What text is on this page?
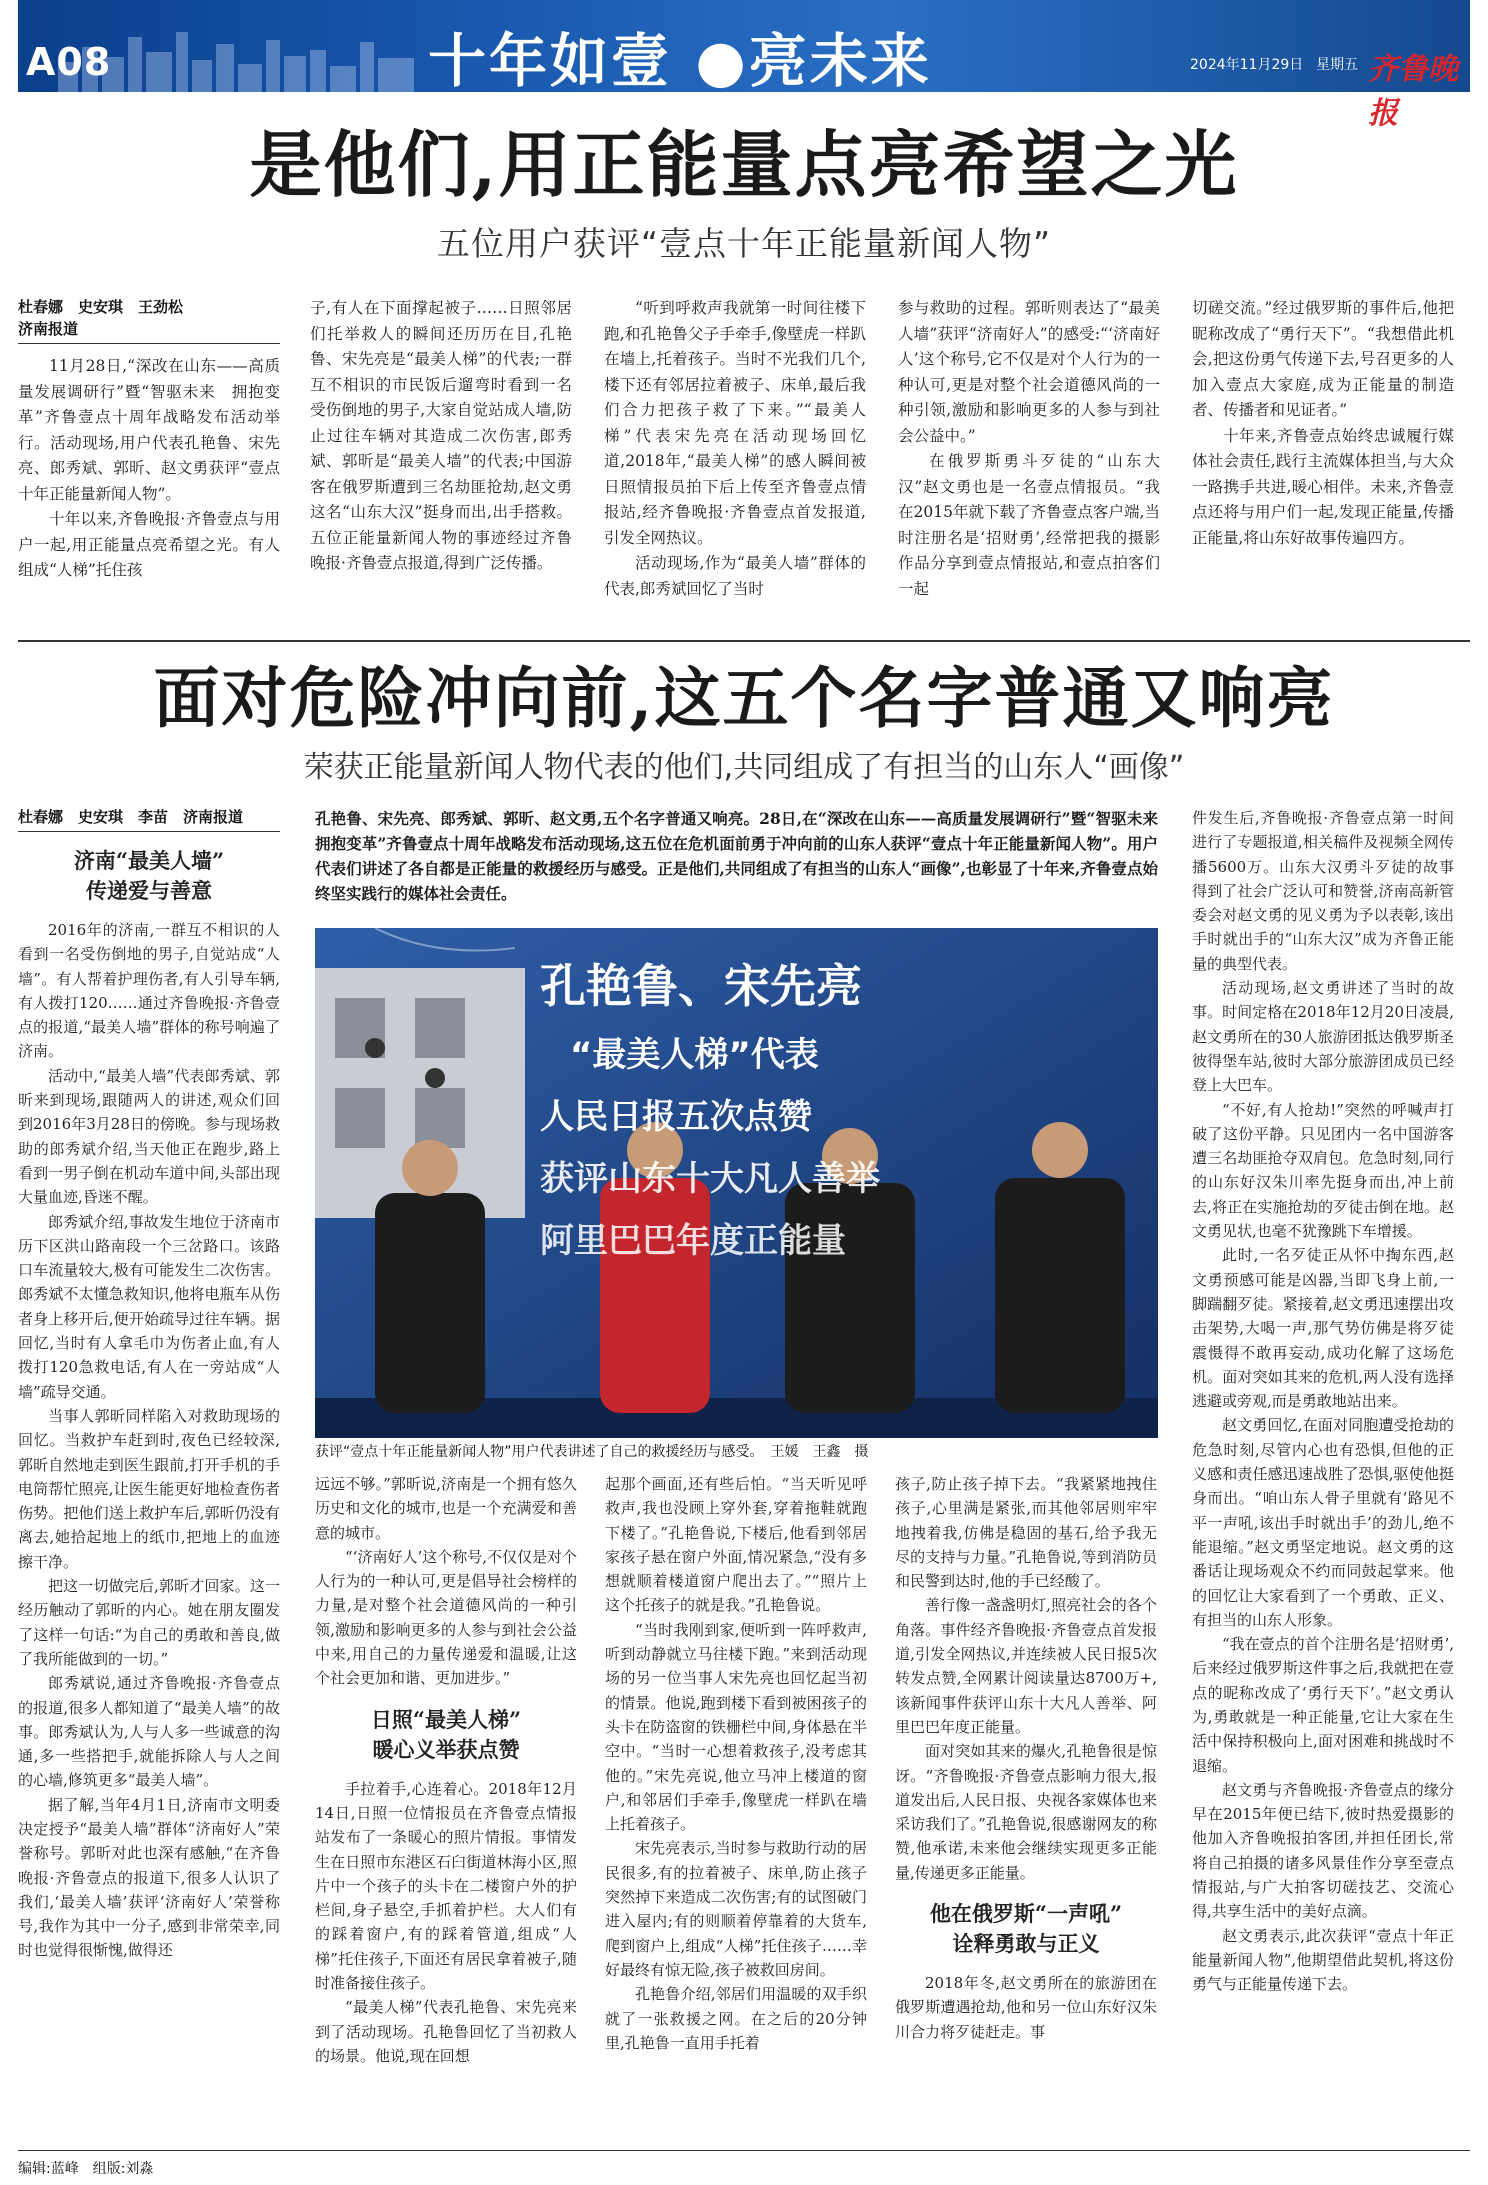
A08	十年如壹 ●亮未来	2024年11月29日 星期五 齐鲁晚报
是他们,用正能量点亮希望之光
五位用户获评“壹点十年正能量新闻人物”
杜春娜　史安琪　王劲松
济南报道

11月28日,“深改在山东——高质量发展调研行”暨“智驱未来　拥抱变革”齐鲁壹点十周年战略发布活动举行。活动现场,用户代表孔艳鲁、宋先亮、郎秀斌、郭昕、赵文勇获评“壹点十年正能量新闻人物”。

十年以来,齐鲁晚报·齐鲁壹点与用户一起,用正能量点亮希望之光。有人组成“人梯”托住孩

子,有人在下面撑起被子……日照邻居们托举救人的瞬间还历历在目,孔艳鲁、宋先亮是“最美人梯”的代表;一群互不相识的市民饭后遛弯时看到一名受伤倒地的男子,大家自觉站成人墙,防止过往车辆对其造成二次伤害,郎秀斌、郭昕是“最美人墙”的代表;中国游客在俄罗斯遭到三名劫匪抢劫,赵文勇这名“山东大汉”挺身而出,出手搭救。五位正能量新闻人物的事迹经过齐鲁晚报·齐鲁壹点报道,得到广泛传播。

“听到呼救声我就第一时间往楼下跑,和孔艳鲁父子手牵手,像壁虎一样趴在墙上,托着孩子。当时不光我们几个,楼下还有邻居拉着被子、床单,最后我们合力把孩子救了下来。”“最美人梯”代表宋先亮在活动现场回忆道,2018年,“最美人梯”的感人瞬间被日照情报员拍下后上传至齐鲁壹点情报站,经齐鲁晚报·齐鲁壹点首发报道,引发全网热议。

活动现场,作为“最美人墙”群体的代表,郎秀斌回忆了当时

参与救助的过程。郭昕则表达了“最美人墙”获评“济南好人”的感受:“‘济南好人’这个称号,它不仅是对个人行为的一种认可,更是对整个社会道德风尚的一种引领,激励和影响更多的人参与到社会公益中。”

在俄罗斯勇斗歹徒的“山东大汉”赵文勇也是一名壹点情报员。“我在2015年就下载了齐鲁壹点客户端,当时注册名是‘招财勇’,经常把我的摄影作品分享到壹点情报站,和壹点拍客们一起

切磋交流。”经过俄罗斯的事件后,他把昵称改成了“勇行天下”。“我想借此机会,把这份勇气传递下去,号召更多的人加入壹点大家庭,成为正能量的制造者、传播者和见证者。”

十年来,齐鲁壹点始终忠诚履行媒体社会责任,践行主流媒体担当,与大众一路携手共进,暖心相伴。未来,齐鲁壹点还将与用户们一起,发现正能量,传播正能量,将山东好故事传遍四方。

面对危险冲向前,这五个名字普通又响亮
荣获正能量新闻人物代表的他们,共同组成了有担当的山东人“画像”
杜春娜　史安琪　李苗　济南报道
济南“最美人墙”
传递爱与善意

2016年的济南,一群互不相识的人看到一名受伤倒地的男子,自觉站成“人墙”。有人帮着护理伤者,有人引导车辆,有人拨打120……通过齐鲁晚报·齐鲁壹点的报道,“最美人墙”群体的称号响遍了济南。

活动中,“最美人墙”代表郎秀斌、郭昕来到现场,跟随两人的讲述,观众们回到2016年3月28日的傍晚。参与现场救助的郎秀斌介绍,当天他正在跑步,路上看到一男子倒在机动车道中间,头部出现大量血迹,昏迷不醒。

郎秀斌介绍,事故发生地位于济南市历下区洪山路南段一个三岔路口。该路口车流量较大,极有可能发生二次伤害。郎秀斌不太懂急救知识,他将电瓶车从伤者身上移开后,便开始疏导过往车辆。据回忆,当时有人拿毛巾为伤者止血,有人拨打120急救电话,有人在一旁站成“人墙”疏导交通。

当事人郭昕同样陷入对救助现场的回忆。当救护车赶到时,夜色已经较深,郭昕自然地走到医生跟前,打开手机的手电筒帮忙照亮,让医生能更好地检查伤者伤势。把他们送上救护车后,郭昕仍没有离去,她拾起地上的纸巾,把地上的血迹擦干净。

把这一切做完后,郭昕才回家。这一经历触动了郭昕的内心。她在朋友圈发了这样一句话:“为自己的勇敢和善良,做了我所能做到的一切。”

郎秀斌说,通过齐鲁晚报·齐鲁壹点的报道,很多人都知道了“最美人墙”的故事。郎秀斌认为,人与人多一些诚意的沟通,多一些搭把手,就能拆除人与人之间的心墙,修筑更多“最美人墙”。

据了解,当年4月1日,济南市文明委决定授予“最美人墙”群体“济南好人”荣誉称号。郭昕对此也深有感触,“在齐鲁晚报·齐鲁壹点的报道下,很多人认识了我们,‘最美人墙’获评‘济南好人’荣誉称号,我作为其中一分子,感到非常荣幸,同时也觉得很惭愧,做得还

孔艳鲁、宋先亮、郎秀斌、郭昕、赵文勇,五个名字普通又响亮。28日,在“深改在山东——高质量发展调研行”暨“智驱未来　拥抱变革”齐鲁壹点十周年战略发布活动现场,这五位在危机面前勇于冲向前的山东人获评“壹点十年正能量新闻人物”。用户代表们讲述了各自都是正能量的救援经历与感受。正是他们,共同组成了有担当的山东人“画像”,也彰显了十年来,齐鲁壹点始终坚实践行的媒体社会责任。
孔艳鲁、宋先亮
“最美人梯”代表
人民日报五次点赞
获评山东十大凡人善举
阿里巴巴年度正能量
获评“壹点十年正能量新闻人物”用户代表讲述了自己的救援经历与感受。　王媛　王鑫　摄

远远不够。”郭昕说,济南是一个拥有悠久历史和文化的城市,也是一个充满爱和善意的城市。

“‘济南好人’这个称号,不仅仅是对个人行为的一种认可,更是倡导社会榜样的力量,是对整个社会道德风尚的一种引领,激励和影响更多的人参与到社会公益中来,用自己的力量传递爱和温暖,让这个社会更加和谐、更加进步。”

日照“最美人梯”
暖心义举获点赞

手拉着手,心连着心。2018年12月14日,日照一位情报员在齐鲁壹点情报站发布了一条暖心的照片情报。事情发生在日照市东港区石臼街道林海小区,照片中一个孩子的头卡在二楼窗户外的护栏间,身子悬空,手抓着护栏。大人们有的踩着窗户,有的踩着管道,组成“人梯”托住孩子,下面还有居民拿着被子,随时准备接住孩子。

“最美人梯”代表孔艳鲁、宋先亮来到了活动现场。孔艳鲁回忆了当初救人的场景。他说,现在回想

起那个画面,还有些后怕。“当天听见呼救声,我也没顾上穿外套,穿着拖鞋就跑下楼了。”孔艳鲁说,下楼后,他看到邻居家孩子悬在窗户外面,情况紧急,“没有多想就顺着楼道窗户爬出去了。”“照片上这个托孩子的就是我。”孔艳鲁说。

“当时我刚到家,便听到一阵呼救声,听到动静就立马往楼下跑。”来到活动现场的另一位当事人宋先亮也回忆起当初的情景。他说,跑到楼下看到被困孩子的头卡在防盗窗的铁栅栏中间,身体悬在半空中。“当时一心想着救孩子,没考虑其他的。”宋先亮说,他立马冲上楼道的窗户,和邻居们手牵手,像壁虎一样趴在墙上托着孩子。

宋先亮表示,当时参与救助行动的居民很多,有的拉着被子、床单,防止孩子突然掉下来造成二次伤害;有的试图破门进入屋内;有的则顺着停靠着的大货车,爬到窗户上,组成“人梯”托住孩子……幸好最终有惊无险,孩子被救回房间。

孔艳鲁介绍,邻居们用温暖的双手织就了一张救援之网。在之后的20分钟里,孔艳鲁一直用手托着

孩子,防止孩子掉下去。“我紧紧地拽住孩子,心里满是紧张,而其他邻居则牢牢地拽着我,仿佛是稳固的基石,给予我无尽的支持与力量。”孔艳鲁说,等到消防员和民警到达时,他的手已经酸了。

善行像一盏盏明灯,照亮社会的各个角落。事件经齐鲁晚报·齐鲁壹点首发报道,引发全网热议,并连续被人民日报5次转发点赞,全网累计阅读量达8700万+,该新闻事件获评山东十大凡人善举、阿里巴巴年度正能量。

面对突如其来的爆火,孔艳鲁很是惊讶。“齐鲁晚报·齐鲁壹点影响力很大,报道发出后,人民日报、央视各家媒体也来采访我们了。”孔艳鲁说,很感谢网友的称赞,他承诺,未来他会继续实现更多正能量,传递更多正能量。

他在俄罗斯“一声吼”
诠释勇敢与正义

2018年冬,赵文勇所在的旅游团在俄罗斯遭遇抢劫,他和另一位山东好汉朱川合力将歹徒赶走。事

件发生后,齐鲁晚报·齐鲁壹点第一时间进行了专题报道,相关稿件及视频全网传播5600万。山东大汉勇斗歹徒的故事得到了社会广泛认可和赞誉,济南高新管委会对赵文勇的见义勇为予以表彰,该出手时就出手的“山东大汉”成为齐鲁正能量的典型代表。

活动现场,赵文勇讲述了当时的故事。时间定格在2018年12月20日凌晨,赵文勇所在的30人旅游团抵达俄罗斯圣彼得堡车站,彼时大部分旅游团成员已经登上大巴车。

“不好,有人抢劫!”突然的呼喊声打破了这份平静。只见团内一名中国游客遭三名劫匪抢夺双肩包。危急时刻,同行的山东好汉朱川率先挺身而出,冲上前去,将正在实施抢劫的歹徒击倒在地。赵文勇见状,也毫不犹豫跳下车增援。

此时,一名歹徒正从怀中掏东西,赵文勇预感可能是凶器,当即飞身上前,一脚踹翻歹徒。紧接着,赵文勇迅速摆出攻击架势,大喝一声,那气势仿佛是将歹徒震慑得不敢再妄动,成功化解了这场危机。面对突如其来的危机,两人没有选择逃避或旁观,而是勇敢地站出来。

赵文勇回忆,在面对同胞遭受抢劫的危急时刻,尽管内心也有恐惧,但他的正义感和责任感迅速战胜了恐惧,驱使他挺身而出。“咱山东人骨子里就有‘路见不平一声吼,该出手时就出手’的劲儿,绝不能退缩。”赵文勇坚定地说。赵文勇的这番话让现场观众不约而同鼓起掌来。他的回忆让大家看到了一个勇敢、正义、有担当的山东人形象。

“我在壹点的首个注册名是‘招财勇’,后来经过俄罗斯这件事之后,我就把在壹点的昵称改成了‘勇行天下’。”赵文勇认为,勇敢就是一种正能量,它让大家在生活中保持积极向上,面对困难和挑战时不退缩。

赵文勇与齐鲁晚报·齐鲁壹点的缘分早在2015年便已结下,彼时热爱摄影的他加入齐鲁晚报拍客团,并担任团长,常将自己拍摄的诸多风景佳作分享至壹点情报站,与广大拍客切磋技艺、交流心得,共享生活中的美好点滴。

赵文勇表示,此次获评“壹点十年正能量新闻人物”,他期望借此契机,将这份勇气与正能量传递下去。

编辑:蓝峰　组版:刘淼
